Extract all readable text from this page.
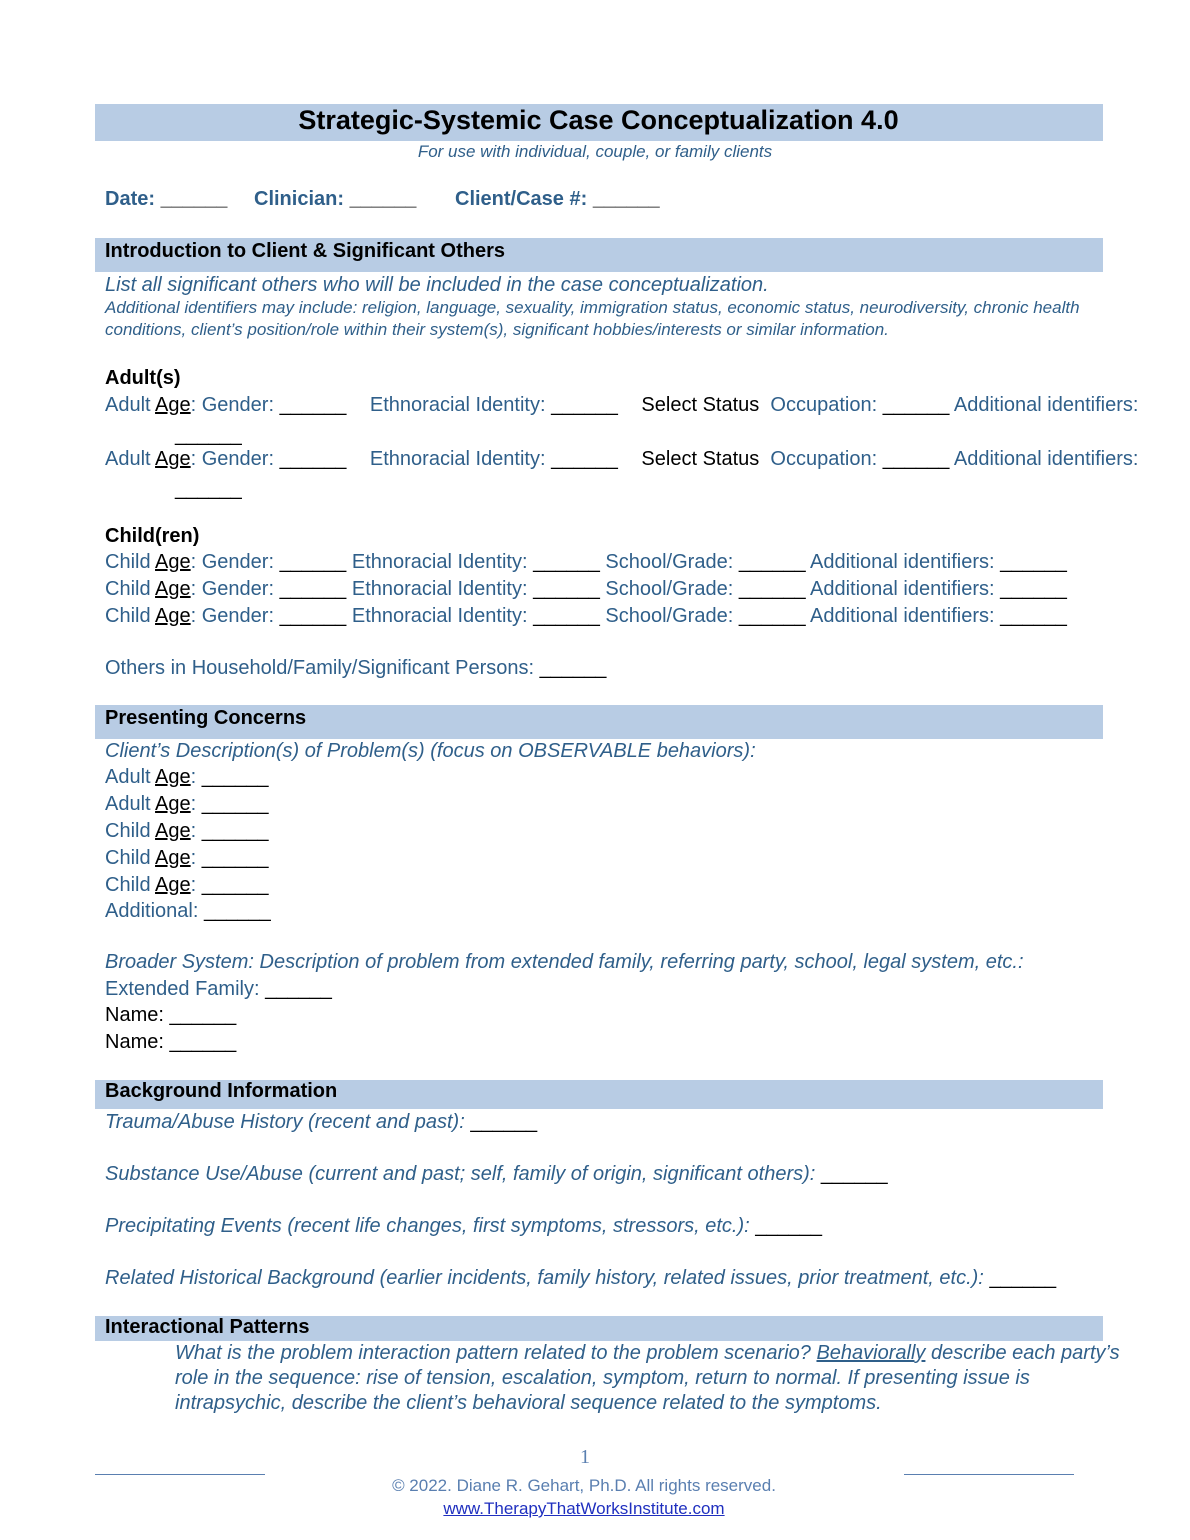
Strategic-Systemic Case Conceptualization 4.0
For use with individual, couple, or family clients
Date: ______ Clinician: ______ Client/Case #: ______
Introduction to Client & Significant Others
List all significant others who will be included in the case conceptualization.
Additional identifiers may include: religion, language, sexuality, immigration status, economic status, neurodiversity, chronic health
conditions, client’s position/role within their system(s), significant hobbies/interests or similar information.
Adult(s)
Adult Age: Gender: ______ Ethnoracial Identity: ______ Select Status Occupation: ______ Additional identifiers:
______
Adult Age: Gender: ______ Ethnoracial Identity: ______ Select Status Occupation: ______ Additional identifiers:
______
Child(ren)
Child Age: Gender: ______ Ethnoracial Identity: ______ School/Grade: ______ Additional identifiers: ______
Child Age: Gender: ______ Ethnoracial Identity: ______ School/Grade: ______ Additional identifiers: ______
Child Age: Gender: ______ Ethnoracial Identity: ______ School/Grade: ______ Additional identifiers: ______
Others in Household/Family/Significant Persons: ______
Presenting Concerns
Client’s Description(s) of Problem(s) (focus on OBSERVABLE behaviors):
Adult Age: ______
Adult Age: ______
Child Age: ______
Child Age: ______
Child Age: ______
Additional: ______
Broader System: Description of problem from extended family, referring party, school, legal system, etc.:
Extended Family: ______
Name: ______
Name: ______
Background Information
Trauma/Abuse History (recent and past): ______
Substance Use/Abuse (current and past; self, family of origin, significant others): ______
Precipitating Events (recent life changes, first symptoms, stressors, etc.): ______
Related Historical Background (earlier incidents, family history, related issues, prior treatment, etc.): ______
Interactional Patterns
What is the problem interaction pattern related to the problem scenario? Behaviorally describe each party’s
role in the sequence: rise of tension, escalation, symptom, return to normal. If presenting issue is
intrapsychic, describe the client’s behavioral sequence related to the symptoms.
1
© 2022. Diane R. Gehart, Ph.D. All rights reserved.
www.TherapyThatWorksInstitute.com
